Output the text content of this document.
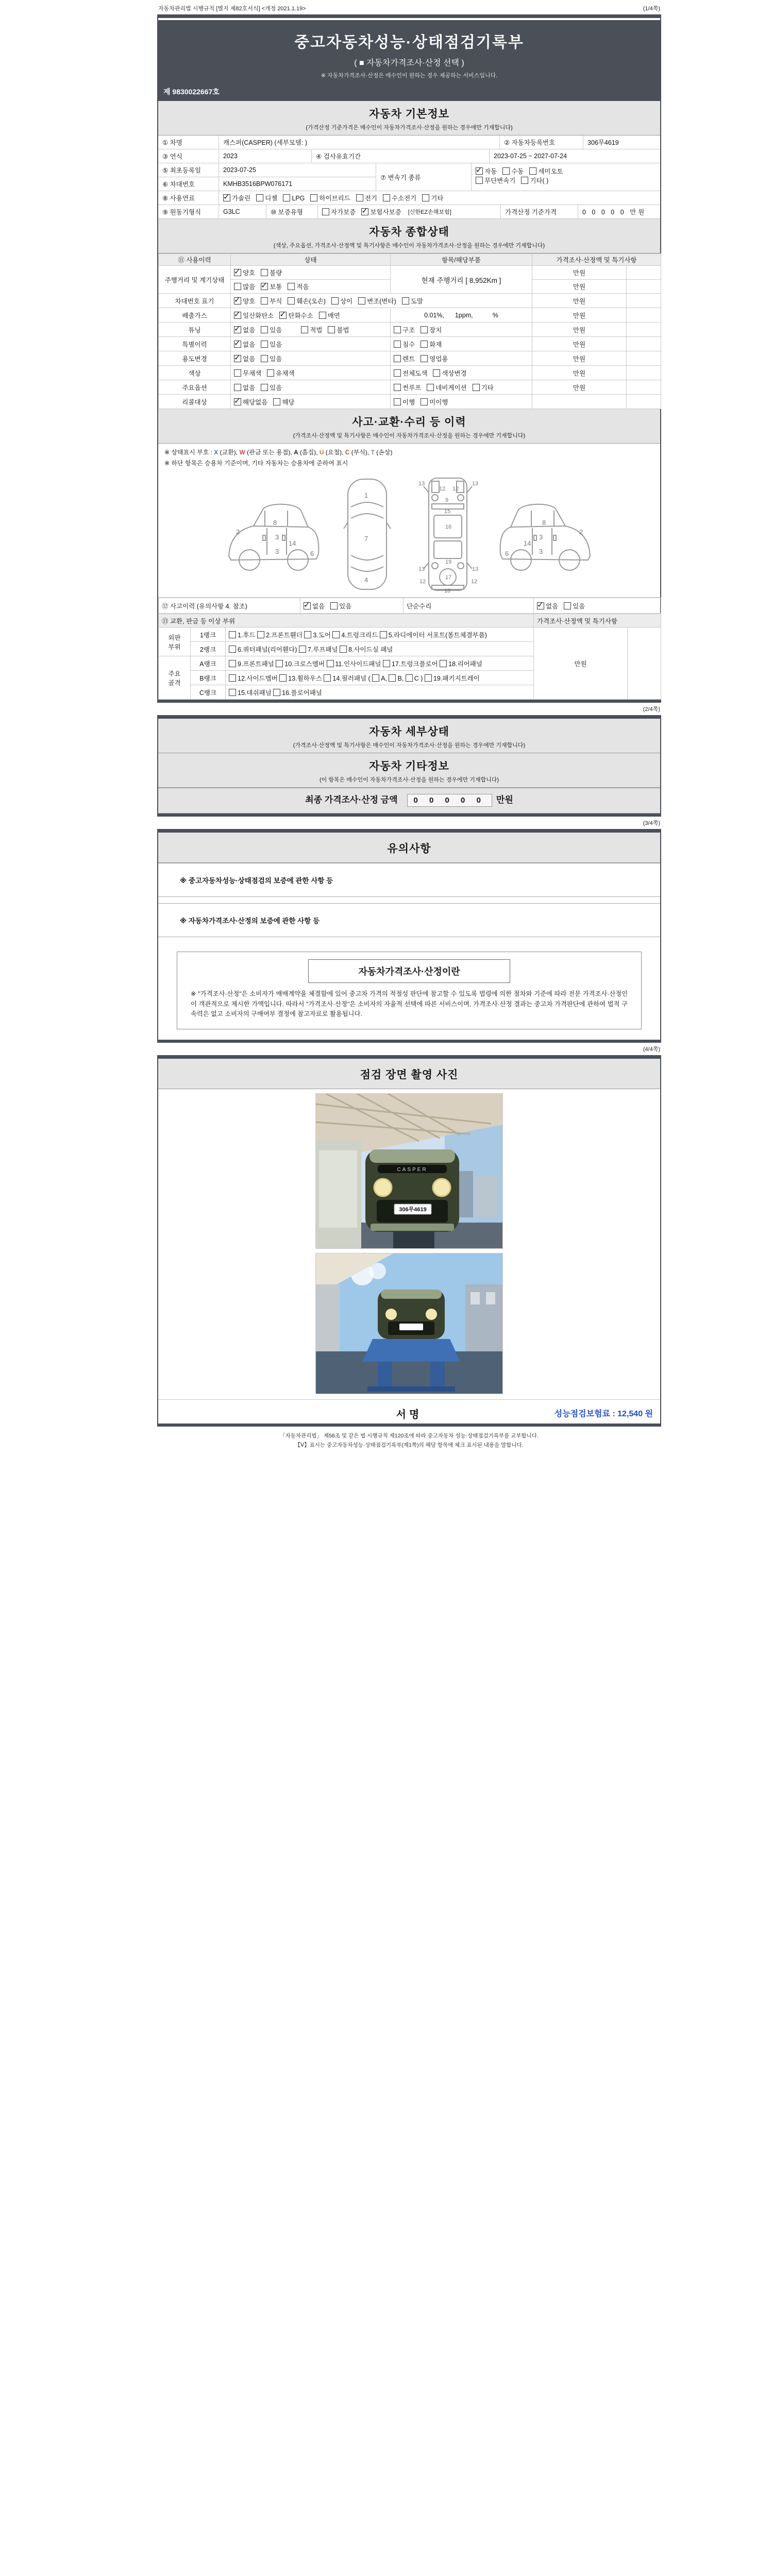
자동차관리법 시행규칙 [별지 제82호서식] <개정 2021.1.19>	(1/4쪽)
중고자동차성능·상태점검기록부
( ■ 자동차가격조사·산정 선택 )
※ 자동차가격조사·산정은 매수인이 원하는 경우 제공하는 서비스입니다.
제 9830022667호
자동차 기본정보
(가격산정 기준가격은 매수인이 자동차가격조사·산정을 원하는 경우에만 기재합니다)
① 차명	캐스퍼(CASPER) (세부모델: )	② 자동차등록번호	306무4619
③ 연식	2023	④ 검사유효기간	2023-07-25 ~ 2027-07-24
⑤ 최초등록일	2023-07-25
⑥ 차대번호	KMHB3516BPW076171
⑦ 변속기 종류
✓자동 수동 세미오토
무단변속기 기타( )
⑧ 사용연료 ✓	가솔린 디젤 LPG 하이브리드 전기 수소전기 기타
⑨ 원동기형식	G3LC	⑩ 보증유형	자가보증 ✓ 보험사보증	[신한EZ손해보험]	가격산정 기준가격	0 0 0 0 0 만원
자동차 종합상태
(색상, 주요옵션, 가격조사·산정액 및 특기사항은 매수인이 자동차가격조사·산정을 원하는 경우에만 기재합니다)
⑪ 사용이력	상태	항목/해당부품	가격조사·산정액 및 특기사항	
주행거리 및 계기상태	✓양호 불량	현재 주행거리 [ 8,952Km ]	만원	
	많음 ✓ 보통 적음		만원	
차대번호 표기	✓양호 부식 훼손(오손) 상이 변조(변타) 도말		만원	
배출가스	✓일산화탄소 ✓ 탄화수소 매연	0.01%,      1ppm,           %	만원	
튜닝	✓없음 있음 적법 불법	구조 장치	만원	
특별이력	✓없음 있음	침수 화재	만원	
용도변경	✓없음 있음	렌트 영업용	만원	
색상	무채색 유채색	전체도색 색상변경	만원	
주요옵션	없음 있음	썬루프 네비게이션 기타	만원	
리콜대상	✓해당없음 해당	이행 미이행		
사고·교환·수리 등 이력
(가격조사·산정액 및 특기사항은 매수인이 자동차가격조사·산정을 원하는 경우에만 기재합니다)
※ 상태표시 부호 : X (교환), W (판금 또는 용접), A (흠집), U (요철), C (부식), T (손상)
※ 하단 항목은 승용차 기준이며, 기타 자동차는 승용차에 준하여 표시
2
8
3
3
14
6
1
7
4
13
12 12
13
9
15
16
13	13
12	12
19
17
18
2
8
3
3
14
6
⑫ 사고이력 (유의사항 4. 참조)	✓없음 있음	단순수리	✓없음 있음
⑬ 교환, 판금 등 이상 부위			가격조사·산정액 및 특기사항	
외판 부위	1랭크	1.후드 2.프론트휀더 3.도어 4.트렁크리드 5.라디에이터 서포트(볼트체결부품)	만원	
	2랭크	6.쿼터패널(리어휀다) 7.루프패널 8.사이드실 패널		
주요 골격	A랭크	9.프론트패널 10.크로스멤버 11.인사이드패널 17.트렁크플로어 18.리어패널		
	B랭크	12.사이드멤버 13.휠하우스 14.필러패널 ( A, B, C ) 19.패키지트레이		
	C랭크	15.대쉬패널 16.플로어패널		
(2/4쪽)
자동차 세부상태
(가격조사·산정액 및 특기사항은 매수인이 자동차가격조사·산정을 원하는 경우에만 기재합니다)
자동차 기타정보
(이 항목은 매수인이 자동차가격조사·산정을 원하는 경우에만 기재합니다)
최종 가격조사·산정 금액 0 0 0 0 0 만원
(3/4쪽)
유의사항
※ 중고자동차성능·상태점검의 보증에 관한 사항 등
※ 자동차가격조사·산정의 보증에 관한 사항 등
자동차가격조사·산정이란
※ "가격조사·산정"은 소비자가 매매계약을 체결함에 있어 중고차 가격의 적절성 판단에 참고할 수 있도록 법령에 의한 절차와 기준에 따라 전문 가격조사·산정인이 객관적으로 제시한 가액입니다. 따라서 "가격조사·산정"은 소비자의 자율적 선택에 따른 서비스이며, 가격조사·산정 결과는 중고차 가격판단에 관하여 법적 구속력은 없고 소비자의 구매여부 결정에 참고자료로 활용됩니다.
(4/4쪽)
점검 장면 촬영 사진
CASPER
306무4619
서명	성능점검보험료 : 12,540 원
「자동차관리법」 제58조 및 같은 법 시행규칙 제120조에 따라 중고자동차 성능·상태점검기록부를 교부합니다.
【Ⅴ】표시는 중고자동차성능·상태점검기록부(제1쪽)의 해당 항목에 체크 표시된 내용을 말합니다.
